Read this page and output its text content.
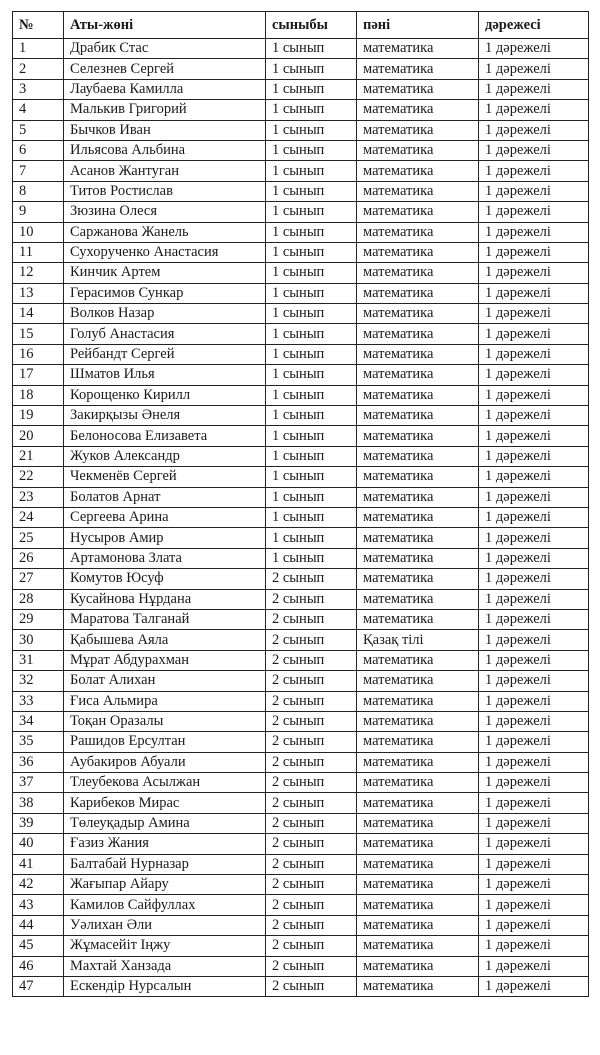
№	Аты-жөні	сыныбы	пәні	дәрежесі
1	Драбик Стас	1 сынып	математика	1 дәрежелі
2	Селезнев Сергей	1 сынып	математика	1 дәрежелі
3	Лаубаева Камилла	1 сынып	математика	1 дәрежелі
4	Малькив Григорий	1 сынып	математика	1 дәрежелі
5	Бычков Иван	1 сынып	математика	1 дәрежелі
6	Ильясова Альбина	1 сынып	математика	1 дәрежелі
7	Асанов Жантуган	1 сынып	математика	1 дәрежелі
8	Титов Ростислав	1 сынып	математика	1 дәрежелі
9	Зюзина Олеся	1 сынып	математика	1 дәрежелі
10	Саржанова Жанель	1 сынып	математика	1 дәрежелі
11	Сухорученко Анастасия	1 сынып	математика	1 дәрежелі
12	Кинчик Артем	1 сынып	математика	1 дәрежелі
13	Герасимов Сункар	1 сынып	математика	1 дәрежелі
14	Волков Назар	1 сынып	математика	1 дәрежелі
15	Голуб Анастасия	1 сынып	математика	1 дәрежелі
16	Рейбандт Сергей	1 сынып	математика	1 дәрежелі
17	Шматов Илья	1 сынып	математика	1 дәрежелі
18	Корощенко Кирилл	1 сынып	математика	1 дәрежелі
19	Закирқызы Әнеля	1 сынып	математика	1 дәрежелі
20	Белоносова Елизавета	1 сынып	математика	1 дәрежелі
21	Жуков Александр	1 сынып	математика	1 дәрежелі
22	Чекменёв Сергей	1 сынып	математика	1 дәрежелі
23	Болатов Арнат	1 сынып	математика	1 дәрежелі
24	Сергеева Арина	1 сынып	математика	1 дәрежелі
25	Нусыров Амир	1 сынып	математика	1 дәрежелі
26	Артамонова Злата	1 сынып	математика	1 дәрежелі
27	Комутов Юсуф	2 сынып	математика	1 дәрежелі
28	Кусайнова Нұрдана	2 сынып	математика	1 дәрежелі
29	Маратова Талганай	2 сынып	математика	1 дәрежелі
30	Қабышева Аяла	2 сынып	Қазақ тілі	1 дәрежелі
31	Мұрат Абдурахман	2 сынып	математика	1 дәрежелі
32	Болат Алихан	2 сынып	математика	1 дәрежелі
33	Ғиса Альмира	2 сынып	математика	1 дәрежелі
34	Тоқан Оразалы	2 сынып	математика	1 дәрежелі
35	Рашидов Ерсултан	2 сынып	математика	1 дәрежелі
36	Аубакиров Абуали	2 сынып	математика	1 дәрежелі
37	Тлеубекова Асылжан	2 сынып	математика	1 дәрежелі
38	Карибеков Мирас	2 сынып	математика	1 дәрежелі
39	Төлеуқадыр Амина	2 сынып	математика	1 дәрежелі
40	Ғазиз Жания	2 сынып	математика	1 дәрежелі
41	Балтабай Нурназар	2 сынып	математика	1 дәрежелі
42	Жағыпар Айару	2 сынып	математика	1 дәрежелі
43	Камилов Сайфуллах	2 сынып	математика	1 дәрежелі
44	Уәлихан Әли	2 сынып	математика	1 дәрежелі
45	Жұмасейіт Іңжу	2 сынып	математика	1 дәрежелі
46	Махтай Ханзада	2 сынып	математика	1 дәрежелі
47	Ескендір Нурсалын	2 сынып	математика	1 дәрежелі
